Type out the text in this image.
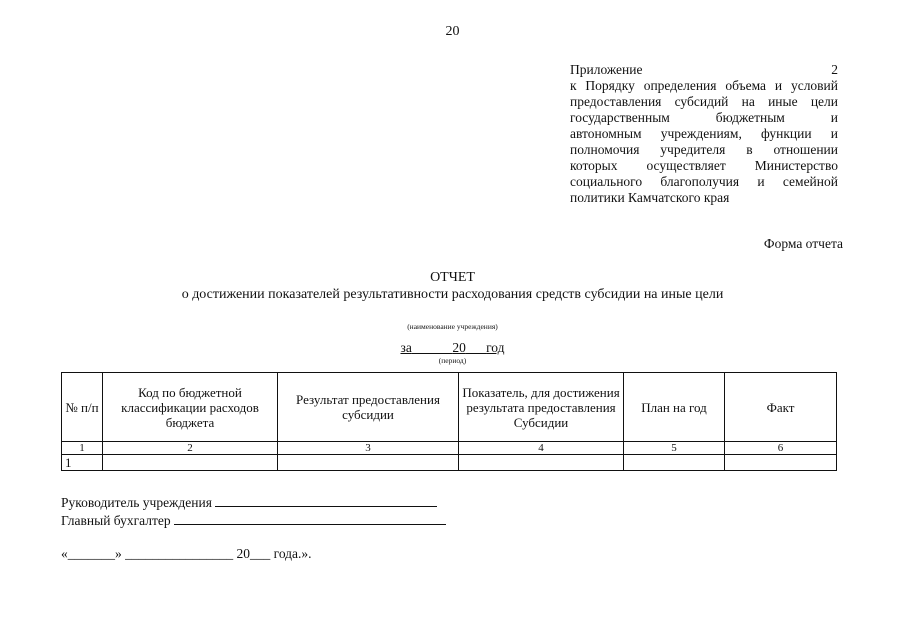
20
Приложение 2
к Порядку определения объема и условий
предоставления субсидий на иные цели
государственным бюджетным и
автономным учреждениям, функции и
полномочия учредителя в отношении
которых осуществляет Министерство
социального благополучия и семейной
политики Камчатского края
Форма отчета
ОТЧЕТ
о достижении показателей результативности расходования средств субсидии на иные цели
(наименование учреждения)
за	20 год
(период)
№ п/п	Код по бюджетной классификации расходов бюджета	Результат предоставления субсидии	Показатель, для достижения результата предоставления Субсидии	План на год	Факт
1	2	3	4	5	6
1					
Руководитель учреждения
Главный бухгалтер
«_______» ________________ 20___ года.».
